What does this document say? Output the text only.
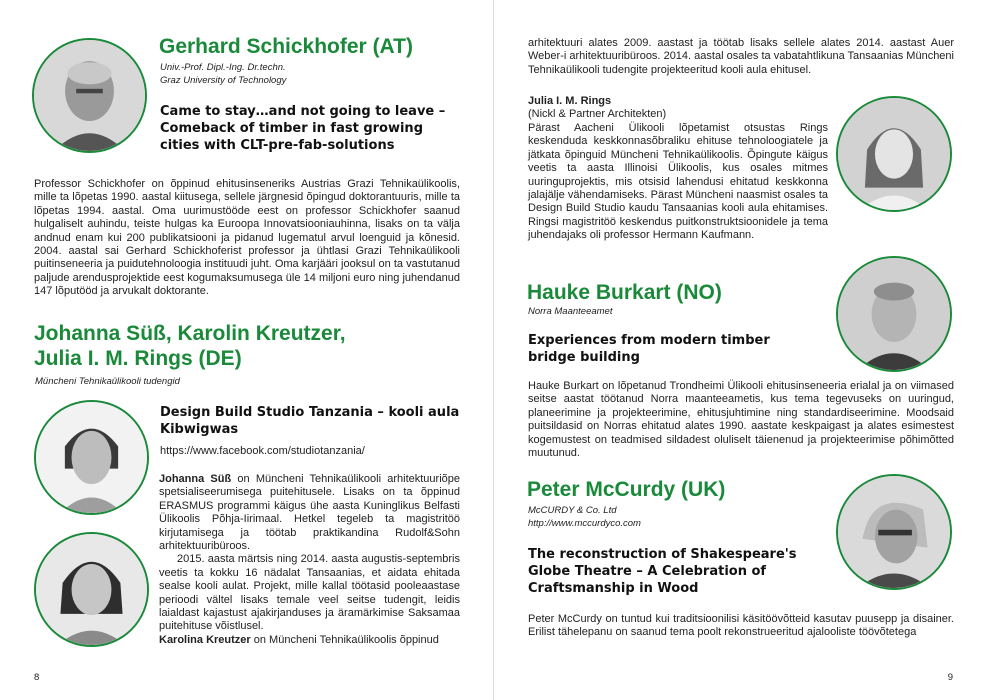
Gerhard Schickhofer (AT)

Univ.-Prof. Dipl.-Ing. Dr.techn.

Graz University of Technology

Came to stay…and not going to leave – Comeback of timber in fast growing cities with CLT-pre-fab-solutions

Professor Schickhofer on õppinud ehitusinseneriks Austrias Grazi Tehnikaülikoolis, mille ta lõpetas 1990. aastal kiitusega, sellele järgnesid õpingud doktorantuuris, mille ta lõpetas 1994. aastal. Oma uurimustööde eest on professor Schickhofer saanud hulgaliselt auhindu, teiste hulgas ka Euroopa Innovatsiooniauhinna, lisaks on ta välja andnud enam kui 200 publikatsiooni ja pidanud lugematul arvul loenguid ja kõnesid. 2004. aastal sai Gerhard Schickhoferist professor ja ühtlasi Grazi Tehnikaülikooli puitinseneeria ja puidutehnoloogia instituudi juht. Oma karjääri jooksul on ta vastutanud paljude arendusprojektide eest kogumaksumusega üle 14 miljoni euro ning juhendanud 147 lõputööd ja arvukalt doktorante.

Johanna Süß, Karolin Kreutzer,
Julia I. M. Rings (DE)

Müncheni Tehnikaülikooli tudengid

Design Build Studio Tanzania – kooli aula Kibwigwas

https://www.facebook.com/studiotanzania/

Johanna Süß on Müncheni Tehnikaülikooli arhitektuuriõpe spetsialiseerumisega puitehitusele. Lisaks on ta õppinud ERASMUS programmi käigus ühe aasta Kuninglikus Belfasti Ülikoolis Põhja-Iirimaal. Hetkel tegeleb ta magistritöö kirjutamisega ja töötab praktikandina Rudolf&Sohn arhitektuuribüroos.

2015. aasta märtsis ning 2014. aasta augustis-septembris veetis ta kokku 16 nädalat Tansaanias, et aidata ehitada sealse kooli aulat. Projekt, mille kallal töötasid pooleaastase perioodi vältel lisaks temale veel seitse tudengit, leidis laialdast kajastust ajakirjanduses ja äramärkimise Saksamaa puitehituse võistlusel.

Karolina Kreutzer on Müncheni Tehnikaülikoolis õppinud

8

arhitektuuri alates 2009. aastast ja töötab lisaks sellele alates 2014. aastast Auer Weber-i arhitektuuribüroos. 2014. aastal osales ta vabatahtlikuna Tansaanias Müncheni Tehnikaülikooli tudengite projekteeritud kooli aula ehitusel.

Julia I. M. Rings

(Nickl & Partner Architekten)

Pärast Aacheni Ülikooli lõpetamist otsustas Rings keskenduda keskkonnasõbraliku ehituse tehnoloogiatele ja jätkata õpinguid Müncheni Tehnikaülikoolis. Õpingute käigus veetis ta aasta Illinoisi Ülikoolis, kus osales mitmes uuringuprojektis, mis otsisid lahendusi ehitatud keskkonna jalajälje vähendamiseks. Pärast Müncheni naasmist osales ta Design Build Studio kaudu Tansaanias kooli aula ehitamises. Ringsi magistritöö keskendus puitkonstruktsioonidele ja tema juhendajaks oli professor Hermann Kaufmann.

Hauke Burkart (NO)

Norra Maanteeamet

Experiences from modern timber bridge building

Hauke Burkart on lõpetanud Trondheimi Ülikooli ehitusinseneeria erialal ja on viimased seitse aastat töötanud Norra maanteeametis, kus tema tegevuseks on uuringud, planeerimine ja projekteerimine, ehitusjuhtimine ning standardiseerimine. Moodsaid puitsildasid on Norras ehitatud alates 1990. aastate keskpaigast ja alates esimestest kogemustest on teadmised sildadest oluliselt täienenud ja projekteerimise põhimõtted muutunud.

Peter McCurdy (UK)

McCURDY & Co. Ltd

http://www.mccurdyco.com

The reconstruction of Shakespeare's Globe Theatre – A Celebration of Craftsmanship in Wood

Peter McCurdy on tuntud kui traditsioonilisi käsitöövõtteid kasutav puusepp ja disainer. Erilist tähelepanu on saanud tema poolt rekonstrueeritud ajalooliste töövõtetega

9
